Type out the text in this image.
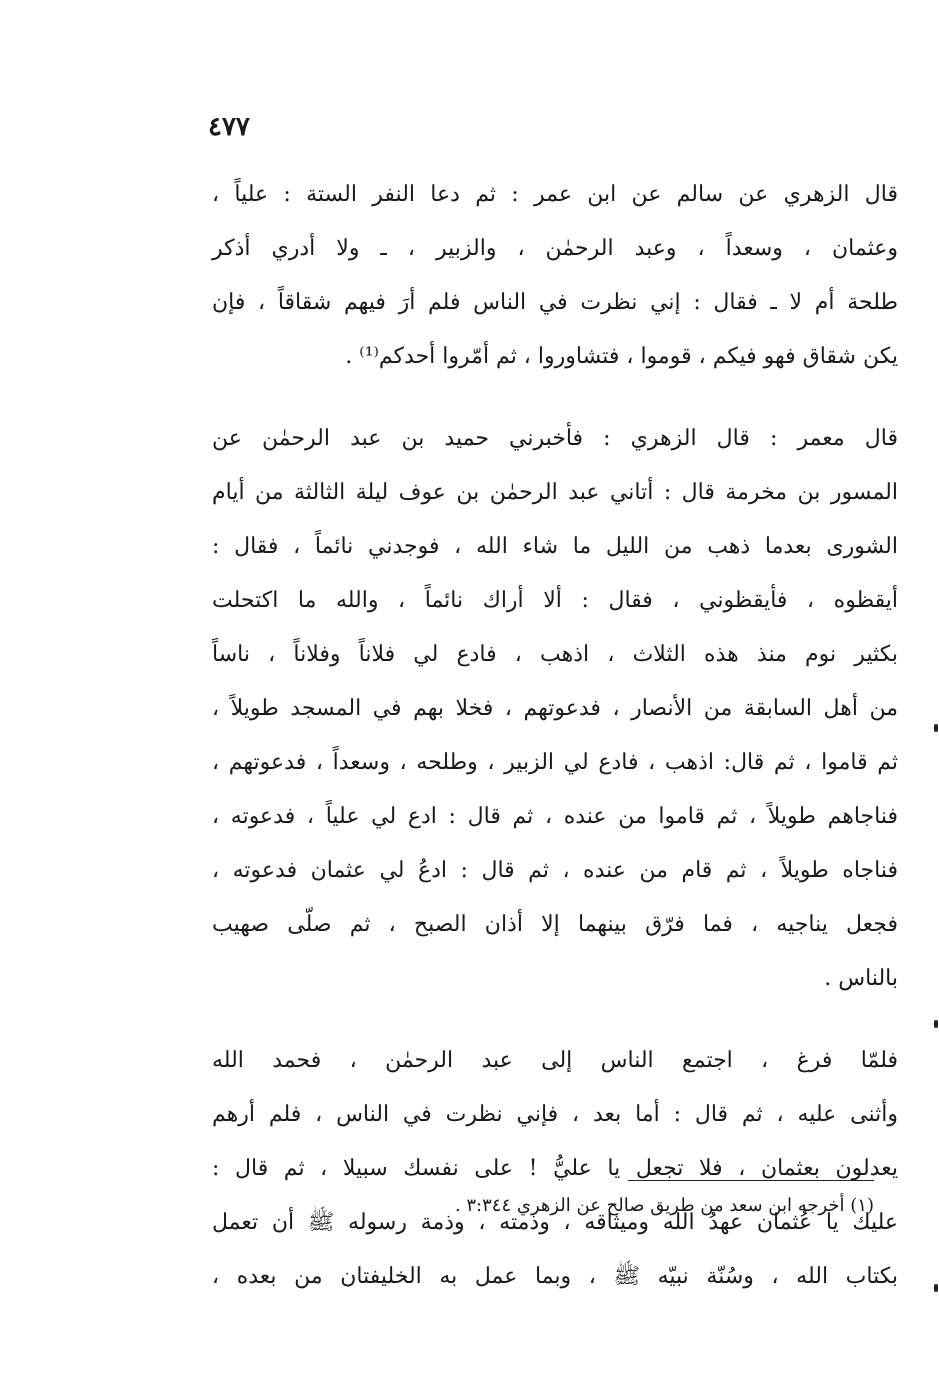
٤٧٧
قال الزهري عن سالم عن ابن عمر : ثم دعا النفر الستة : علياً ،
وعثمان ، وسعداً ، وعبد الرحمٰن ، والزبير ، ـ ولا أدري أذكر
طلحة أم لا ـ فقال : إني نظرت في الناس فلم أرَ فيهم شقاقاً ، فإن
يكن شقاق فهو فيكم ، قوموا ، فتشاوروا ، ثم أمّروا أحدكم⁽¹⁾ .
قال معمر : قال الزهري : فأخبرني حميد بن عبد الرحمٰن عن
المسور بن مخرمة قال : أتاني عبد الرحمٰن بن عوف ليلة الثالثة من أيام
الشورى بعدما ذهب من الليل ما شاء الله ، فوجدني نائماً ، فقال :
أيقظوه ، فأيقظوني ، فقال : ألا أراك نائماً ، والله ما اكتحلت
بكثير نوم منذ هذه الثلاث ، اذهب ، فادع لي فلاناً وفلاناً ، ناساً
من أهل السابقة من الأنصار ، فدعوتهم ، فخلا بهم في المسجد طويلاً ،
ثم قاموا ، ثم قال: اذهب ، فادع لي الزبير ، وطلحه ، وسعداً ، فدعوتهم ،
فناجاهم طويلاً ، ثم قاموا من عنده ، ثم قال : ادع لي علياً ، فدعوته ،
فناجاه طويلاً ، ثم قام من عنده ، ثم قال : ادعُ لي عثمان فدعوته ،
فجعل يناجيه ، فما فرّق بينهما إلا أذان الصبح ، ثم صلّى صهيب
بالناس .
فلمّا فرغ ، اجتمع الناس إلى عبد الرحمٰن ، فحمد الله
وأثنى عليه ، ثم قال : أما بعد ، فإني نظرت في الناس ، فلم أرهم
يعدلون بعثمان ، فلا تجعل يا عليُّ ! على نفسك سبيلا ، ثم قال :
عليك يا عُثمان عهدُ الله وميثاقه ، وذمته ، وذمة رسوله ﷺ أن تعمل
بكتاب الله ، وسُنّة نبيّه ﷺ ، وبما عمل به الخليفتان من بعده ،
(١) أخرجه ابن سعد من طريق صالح عن الزهري ٣:٣٤٤ .
